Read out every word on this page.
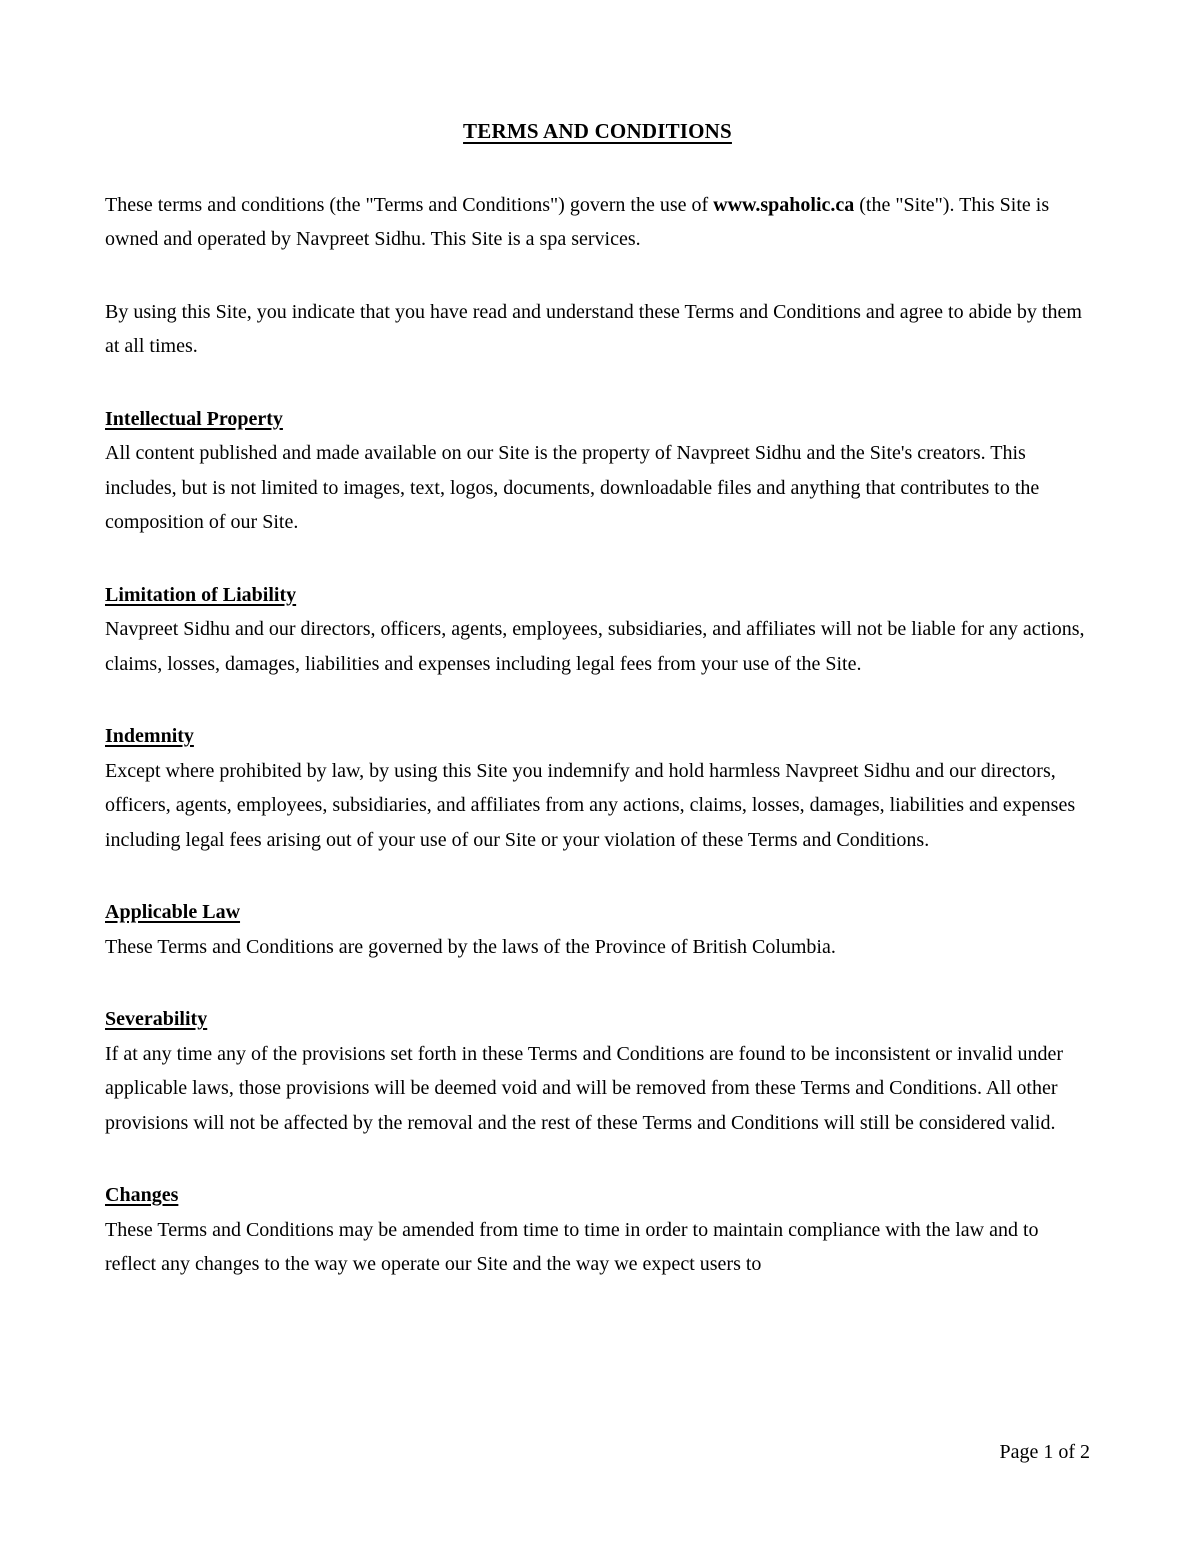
TERMS AND CONDITIONS

These terms and conditions (the "Terms and Conditions") govern the use of www.spaholic.ca (the "Site"). This Site is owned and operated by Navpreet Sidhu. This Site is a spa services.

By using this Site, you indicate that you have read and understand these Terms and Conditions and agree to abide by them at all times.

Intellectual Property

All content published and made available on our Site is the property of Navpreet Sidhu and the Site's creators. This includes, but is not limited to images, text, logos, documents, downloadable files and anything that contributes to the composition of our Site.

Limitation of Liability

Navpreet Sidhu and our directors, officers, agents, employees, subsidiaries, and affiliates will not be liable for any actions, claims, losses, damages, liabilities and expenses including legal fees from your use of the Site.

Indemnity

Except where prohibited by law, by using this Site you indemnify and hold harmless Navpreet Sidhu and our directors, officers, agents, employees, subsidiaries, and affiliates from any actions, claims, losses, damages, liabilities and expenses including legal fees arising out of your use of our Site or your violation of these Terms and Conditions.

Applicable Law

These Terms and Conditions are governed by the laws of the Province of British Columbia.

Severability

If at any time any of the provisions set forth in these Terms and Conditions are found to be inconsistent or invalid under applicable laws, those provisions will be deemed void and will be removed from these Terms and Conditions. All other provisions will not be affected by the removal and the rest of these Terms and Conditions will still be considered valid.

Changes

These Terms and Conditions may be amended from time to time in order to maintain compliance with the law and to reflect any changes to the way we operate our Site and the way we expect users to

Page 1 of 2
